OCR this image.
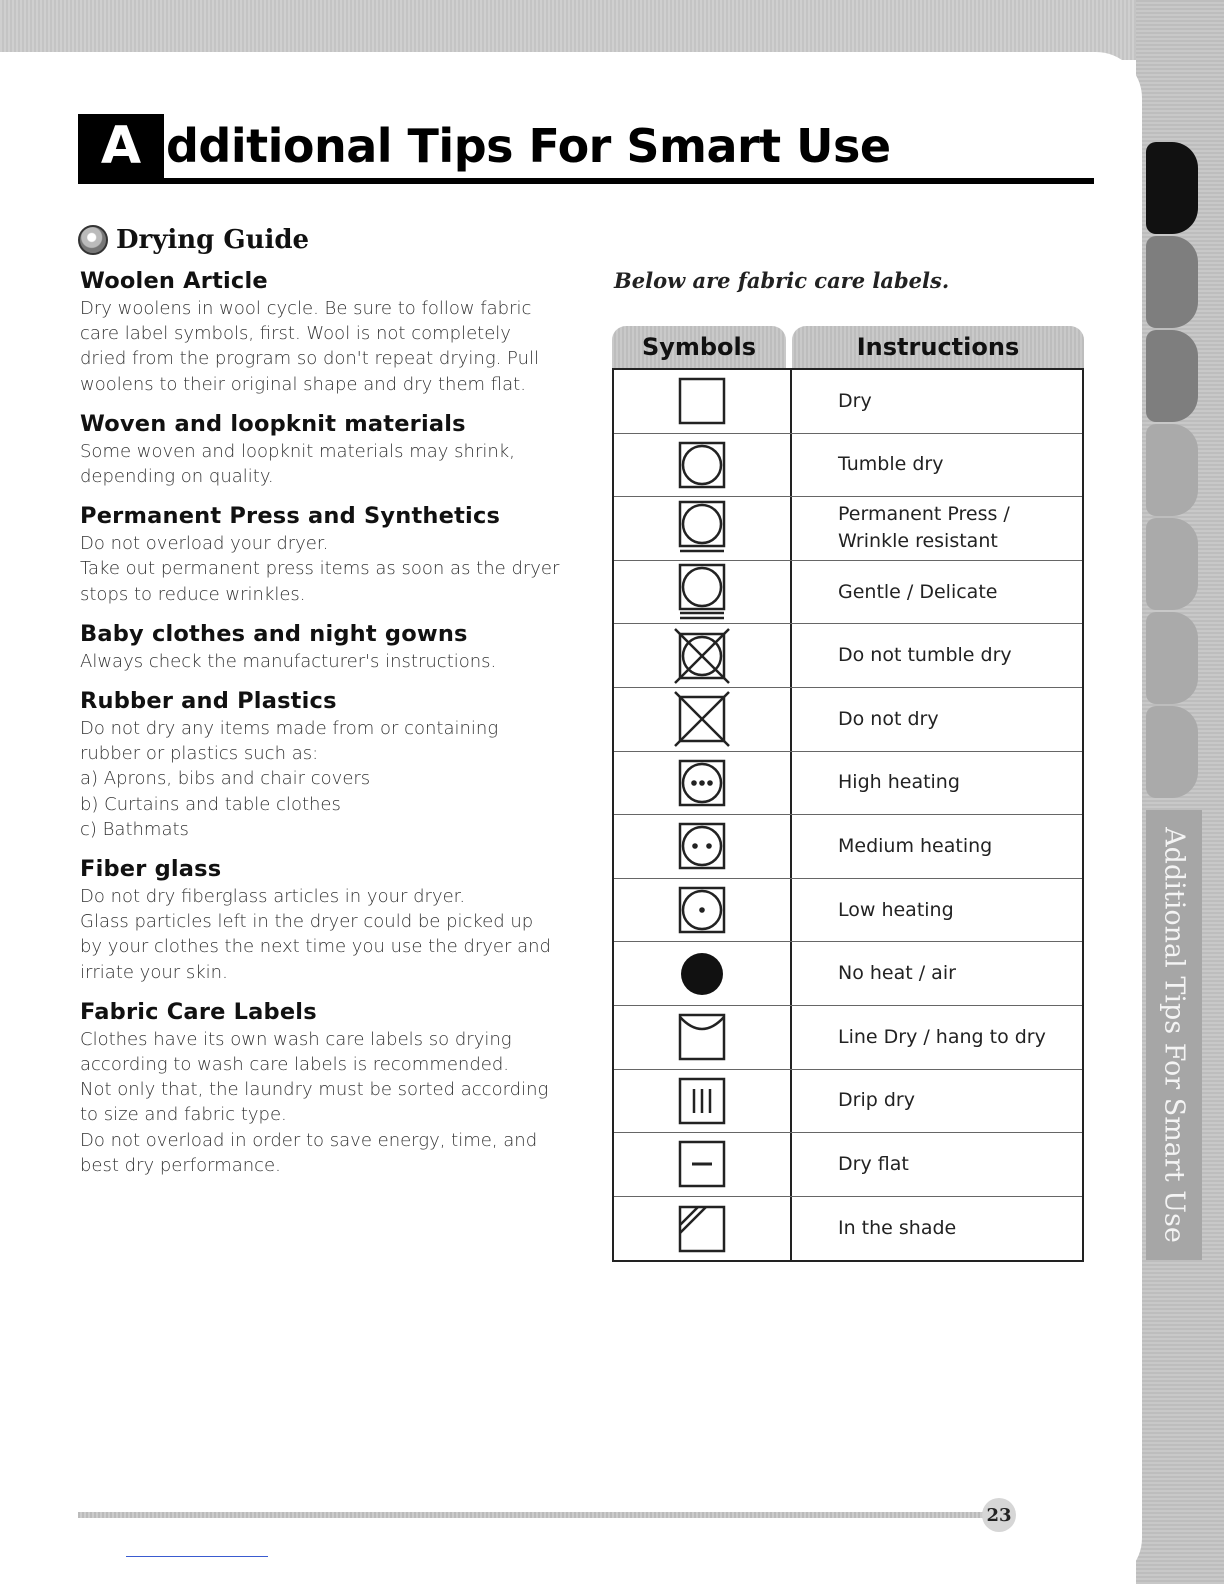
Additional Tips For Smart Use
A dditional Tips For Smart Use
Drying Guide
Woolen Article

Dry woolens in wool cycle. Be sure to follow fabric
care label symbols, first. Wool is not completely
dried from the program so don't repeat drying. Pull
woolens to their original shape and dry them flat.

Woven and loopknit materials

Some woven and loopknit materials may shrink,
depending on quality.

Permanent Press and Synthetics

Do not overload your dryer.
Take out permanent press items as soon as the dryer
stops to reduce wrinkles.

Baby clothes and night gowns

Always check the manufacturer's instructions.

Rubber and Plastics

Do not dry any items made from or containing
rubber or plastics such as:
a) Aprons, bibs and chair covers
b) Curtains and table clothes
c) Bathmats

Fiber glass

Do not dry fiberglass articles in your dryer.
Glass particles left in the dryer could be picked up
by your clothes the next time you use the dryer and
irriate your skin.

Fabric Care Labels

Clothes have its own wash care labels so drying
according to wash care labels is recommended.
Not only that, the laundry must be sorted according
to size and fabric type.
Do not overload in order to save energy, time, and
best dry performance.

Below are fabric care labels.
Symbols	Instructions
Dry
Tumble dry
Permanent Press /
Wrinkle resistant
Gentle / Delicate
Do not tumble dry
Do not dry
High heating
Medium heating
Low heating
No heat / air
Line Dry / hang to dry
Drip dry
Dry flat
In the shade
23
